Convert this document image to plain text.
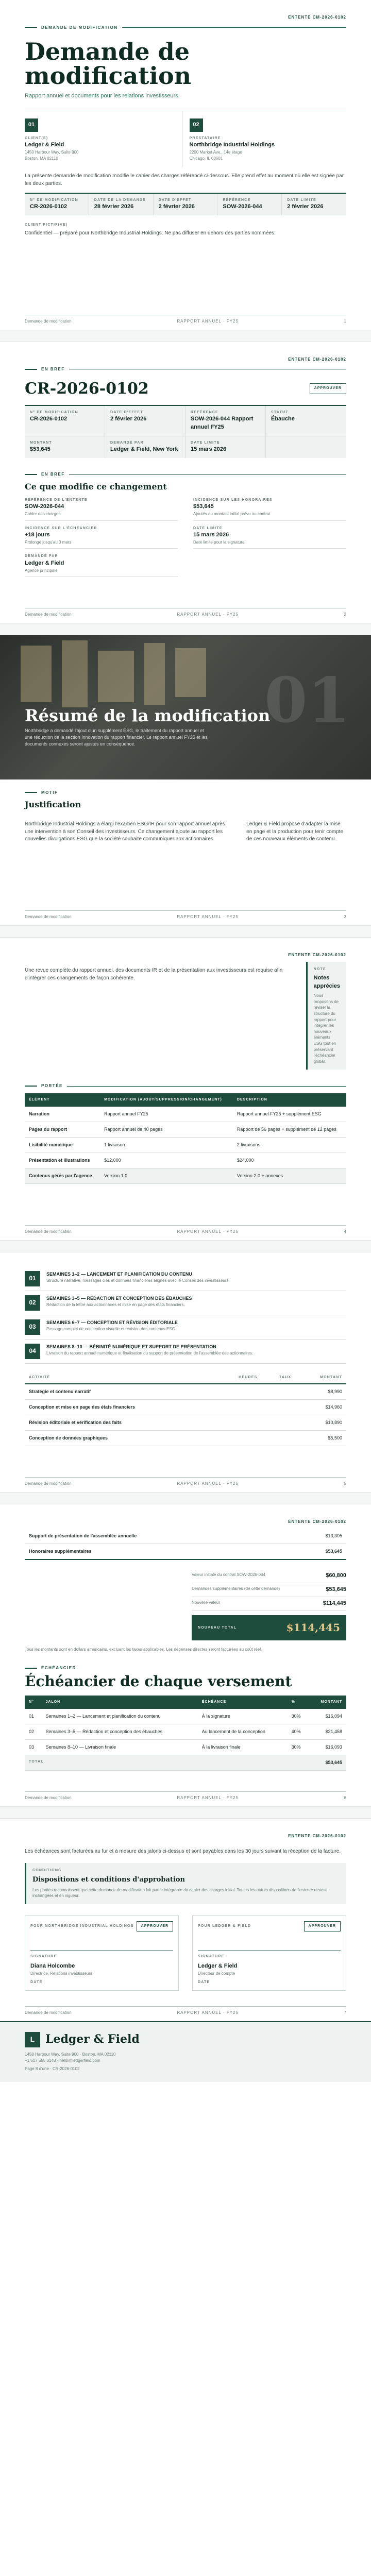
ENTENTE CM-2026-0102
DEMANDE DE MODIFICATION
Demande de modification
Rapport annuel et documents pour les relations investisseurs
01
CLIENT(E)
Ledger & Field
1450 Harbour Way, Suite 900
Boston, MA 02110
02
PRESTATAIRE
Northbridge Industrial Holdings
2200 Market Ave., 14e étage
Chicago, IL 60601

La présente demande de modification modifie le cahier des charges référencé ci-dessous. Elle prend effet au moment où elle est signée par les deux parties.

N° DE MODIFICATION
CR-2026-0102
DATE DE LA DEMANDE
28 février 2026
DATE D'EFFET
2 février 2026
RÉFÉRENCE
SOW-2026-044
DATE LIMITE
2 février 2026
CLIENT FICTIF(VE)

Confidentiel — préparé pour Northbridge Industrial Holdings. Ne pas diffuser en dehors des parties nommées.

Demande de modification	RAPPORT ANNUEL · FY25	1
ENTENTE CM-2026-0102
EN BREF
CR-2026-0102	APPROUVER
N° DE MODIFICATION
CR-2026-0102
DATE D'EFFET
2 février 2026
RÉFÉRENCE
SOW-2026-044 Rapport annuel FY25
STATUT
Ébauche
MONTANT
$53,645
DEMANDÉ PAR
Ledger & Field, New York
DATE LIMITE
15 mars 2026
EN BREF
Ce que modifie ce changement
RÉFÉRENCE DE L'ENTENTE
SOW-2026-044
Cahier des charges
INCIDENCE SUR LES HONORAIRES
$53,645
Ajoutés au montant initial prévu au contrat
INCIDENCE SUR L'ÉCHÉANCIER
+18 jours
Prolongé jusqu'au 3 mars
DATE LIMITE
15 mars 2026
Date limite pour la signature
DEMANDÉ PAR
Ledger & Field
Agence principale
Demande de modification	RAPPORT ANNUEL · FY25	2
01
Résumé de la modification

Northbridge a demandé l'ajout d'un supplément ESG, le traitement du rapport annuel et une réduction de la section Innovation du rapport financier. Le rapport annuel FY25 et les documents connexes seront ajustés en conséquence.

MOTIF
Justification

Northbridge Industrial Holdings a élargi l'examen ESG/IR pour son rapport annuel après une intervention à son Conseil des investisseurs. Ce changement ajoute au rapport les nouvelles divulgations ESG que la société souhaite communiquer aux actionnaires.

Ledger & Field propose d'adapter la mise en page et la production pour tenir compte de ces nouveaux éléments de contenu.

Demande de modification	RAPPORT ANNUEL · FY25	3
ENTENTE CM-2026-0102

Une revue complète du rapport annuel, des documents IR et de la présentation aux investisseurs est requise afin d'intégrer ces changements de façon cohérente.

NOTE
Notes apprécies

Nous proposons de réviser la structure du rapport pour intégrer les nouveaux éléments ESG tout en préservant l'échéancier global.

PORTÉE
ÉLÉMENT	MODIFICATION (AJOUT/SUPPRESSION/CHANGEMENT)	DESCRIPTION
Narration	Rapport annuel FY25	Rapport annuel FY25 + supplément ESG
Pages du rapport	Rapport annuel de 40 pages	Rapport de 56 pages + supplément de 12 pages
Lisibilité numérique	1 livraison	2 livraisons
Présentation et illustrations	$12,000	$24,000
Contenus gérés par l'agence	Version 1.0	Version 2.0 + annexes
Demande de modification	RAPPORT ANNUEL · FY25	4
01
SEMAINES 1–2 — LANCEMENT ET PLANIFICATION DU CONTENU
Structure narrative, messages clés et données financières alignés avec le Conseil des investisseurs.
02
SEMAINES 3–5 — RÉDACTION ET CONCEPTION DES ÉBAUCHES
Rédaction de la lettre aux actionnaires et mise en page des états financiers.
03
SEMAINES 6–7 — CONCEPTION ET RÉVISION ÉDITORIALE
Passage complet de conception visuelle et révision des contenus ESG.
04
SEMAINES 8–10 — BÉBINITÉ NUMÉRIQUE ET SUPPORT DE PRÉSENTATION
Livraison du rapport annuel numérique et finalisation du support de présentation de l'assemblée des actionnaires.
ACTIVITÉ	HEURES	TAUX	MONTANT
Stratégie et contenu narratif			$8,990
Conception et mise en page des états financiers			$14,960
Révision éditoriale et vérification des faits			$10,890
Conception de données graphiques			$5,500
Demande de modification	RAPPORT ANNUEL · FY25	5
ENTENTE CM-2026-0102
Support de présentation de l'assemblée annuelle	$13,305
Honoraires supplémentaires	$53,645
Valeur initiale du contrat SOW-2026-044	$60,800
Demandes supplémentaires (de cette demande)	$53,645
Nouvelle valeur	$114,445
NOUVEAU TOTAL	$114,445

Tous les montants sont en dollars américains, excluant les taxes applicables. Les dépenses directes seront facturées au coût réel.

ÉCHÉANCIER
Échéancier de chaque versement
N°	JALON	ÉCHÉANCE	%	MONTANT
01	Semaines 1–2 — Lancement et planification du contenu	À la signature	30%	$16,094
02	Semaines 3–5 — Rédaction et conception des ébauches	Au lancement de la conception	40%	$21,458
03	Semaines 8–10 — Livraison finale	À la livraison finale	30%	$16,093
TOTAL				$53,645
Demande de modification	RAPPORT ANNUEL · FY25	6
ENTENTE CM-2026-0102

Les échéances sont facturées au fur et à mesure des jalons ci-dessus et sont payables dans les 30 jours suivant la réception de la facture.

CONDITIONS
Dispositions et conditions d'approbation

Les parties reconnaissent que cette demande de modification fait partie intégrante du cahier des charges initial. Toutes les autres dispositions de l'entente restent inchangées et en vigueur.

POUR NORTHBRIDGE INDUSTRIAL HOLDINGS	APPROUVER
SIGNATURE
Diana Holcombe
Directrice, Relations investisseurs
DATE
POUR LEDGER & FIELD	APPROUVER
SIGNATURE
Ledger & Field
Directeur de compte
DATE
Demande de modification	RAPPORT ANNUEL · FY25	7
L Ledger & Field
1450 Harbour Way, Suite 900 · Boston, MA 02110
+1 617 555 0148 · hello@ledgerfield.com
Page 8 d'une · CR-2026-0102
